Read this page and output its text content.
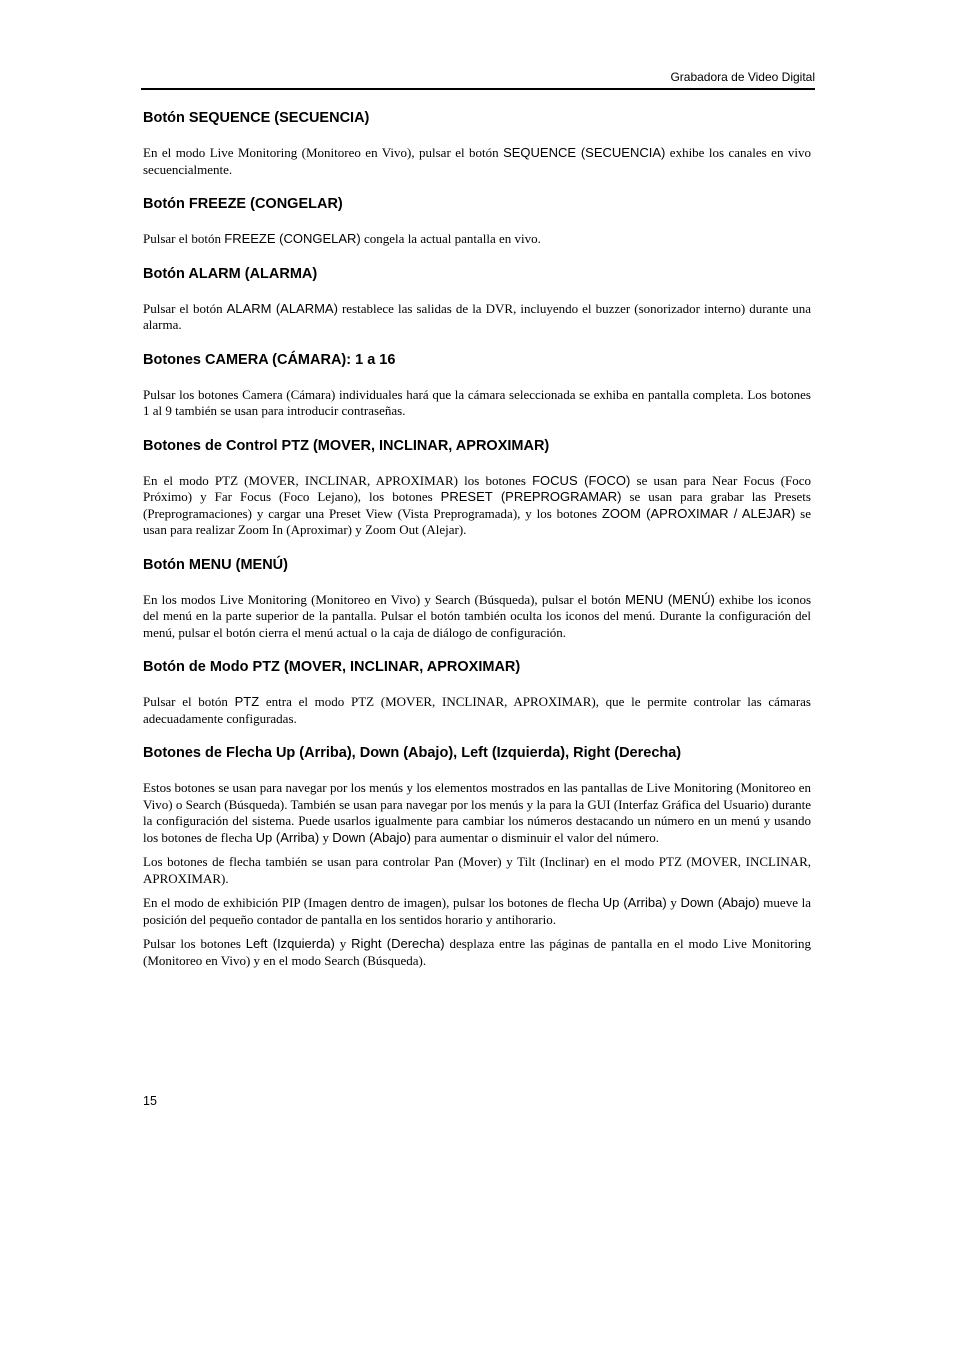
Grabadora de Video Digital
Botón SEQUENCE (SECUENCIA)

En el modo Live Monitoring (Monitoreo en Vivo), pulsar el botón SEQUENCE (SECUENCIA) exhibe los canales en vivo secuencialmente.

Botón FREEZE (CONGELAR)

Pulsar el botón FREEZE (CONGELAR) congela la actual pantalla en vivo.

Botón ALARM (ALARMA)

Pulsar el botón ALARM (ALARMA) restablece las salidas de la DVR, incluyendo el buzzer (sonorizador interno) durante una alarma.

Botones CAMERA (CÁMARA): 1 a 16

Pulsar los botones Camera (Cámara) individuales hará que la cámara seleccionada se exhiba en pantalla completa. Los botones 1 al 9 también se usan para introducir contraseñas.

Botones de Control PTZ (MOVER, INCLINAR, APROXIMAR)

En el modo PTZ (MOVER, INCLINAR, APROXIMAR) los botones FOCUS (FOCO) se usan para Near Focus (Foco Próximo) y Far Focus (Foco Lejano), los botones PRESET (PREPROGRAMAR) se usan para grabar las Presets (Preprogramaciones) y cargar una Preset View (Vista Preprogramada), y los botones ZOOM (APROXIMAR / ALEJAR) se usan para realizar Zoom In (Aproximar) y Zoom Out (Alejar).

Botón MENU (MENÚ)

En los modos Live Monitoring (Monitoreo en Vivo) y Search (Búsqueda), pulsar el botón MENU (MENÚ) exhibe los iconos del menú en la parte superior de la pantalla. Pulsar el botón también oculta los iconos del menú. Durante la configuración del menú, pulsar el botón cierra el menú actual o la caja de diálogo de configuración.

Botón de Modo PTZ (MOVER, INCLINAR, APROXIMAR)

Pulsar el botón PTZ entra el modo PTZ (MOVER, INCLINAR, APROXIMAR), que le permite controlar las cámaras adecuadamente configuradas.

Botones de Flecha Up (Arriba), Down (Abajo), Left (Izquierda), Right (Derecha)

Estos botones se usan para navegar por los menús y los elementos mostrados en las pantallas de Live Monitoring (Monitoreo en Vivo) o Search (Búsqueda). También se usan para navegar por los menús y la para la GUI (Interfaz Gráfica del Usuario) durante la configuración del sistema. Puede usarlos igualmente para cambiar los números destacando un número en un menú y usando los botones de flecha Up (Arriba) y Down (Abajo) para aumentar o disminuir el valor del número.

Los botones de flecha también se usan para controlar Pan (Mover) y Tilt (Inclinar) en el modo PTZ (MOVER, INCLINAR, APROXIMAR).

En el modo de exhibición PIP (Imagen dentro de imagen), pulsar los botones de flecha Up (Arriba) y Down (Abajo) mueve la posición del pequeño contador de pantalla en los sentidos horario y antihorario.

Pulsar los botones Left (Izquierda) y Right (Derecha) desplaza entre las páginas de pantalla en el modo Live Monitoring (Monitoreo en Vivo) y en el modo Search (Búsqueda).

15
